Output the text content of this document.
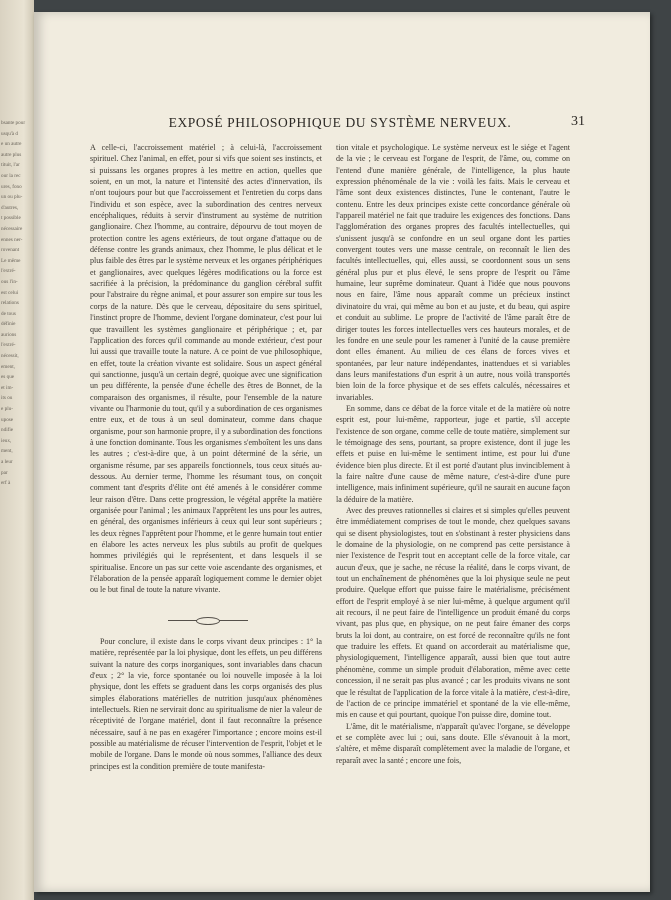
bsante pour
usqu'à d
e un autre
autre plus
tituit, l'ar
our la rec
ures, fono
un ou plu-
d'autres,
t possible
nécessaire
ennes ner-
rovenant
Le même
l'extré-
ous l'in-
est celui
relations
de tous
définie
aurions
l'extré-
nécessit,
ement,
es que
et im-
its ou
e plu-
upose
ndifie
ieux,
ment,
a leur
par
erf à
EXPOSÉ PHILOSOPHIQUE DU SYSTÈME NERVEUX.	31

A celle-ci, l'accroissement matériel ; à celui-là, l'accroissement spirituel. Chez l'animal, en effet, pour si vifs que soient ses instincts, et si puissans les organes propres à les mettre en action, quelles que soient, en un mot, la nature et l'intensité des actes d'innervation, ils n'ont toujours pour but que l'accroissement et l'entretien du corps dans l'individu et son espèce, avec la subordination des centres nerveux encéphaliques, réduits à servir d'instrument au système de nutrition ganglionaire. Chez l'homme, au contraire, dépourvu de tout moyen de protection contre les agens extérieurs, de tout organe d'attaque ou de défense contre les grands animaux, chez l'homme, le plus délicat et le plus faible des êtres par le système nerveux et les organes périphériques et ganglionaires, avec quelques légères modifications ou la force est sacrifiée à la précision, la prédominance du ganglion cérébral suffit pour l'abstraire du règne animal, et pour assurer son empire sur tous les corps de la nature. Dès que le cerveau, dépositaire du sens spirituel, l'instinct propre de l'homme, devient l'organe dominateur, c'est pour lui que travaillent les systèmes ganglionaire et périphérique ; et, par l'application des forces qu'il commande au monde extérieur, c'est pour lui aussi que travaille toute la nature. A ce point de vue philosophique, en effet, toute la création vivante est solidaire. Sous un aspect général qui sanctionne, jusqu'à un certain degré, quoique avec une signification un peu différente, la pensée d'une échelle des êtres de Bonnet, de la comparaison des organismes, il résulte, pour l'ensemble de la nature vivante ou l'harmonie du tout, qu'il y a subordination de ces organismes entre eux, et de tous à un seul dominateur, comme dans chaque organisme, pour son harmonie propre, il y a subordination des fonctions à une fonction dominante. Tous les organismes s'emboîtent les uns dans les autres ; c'est-à-dire que, à un point déterminé de la série, un organisme résume, par ses appareils fonctionnels, tous ceux situés au-dessous. Au dernier terme, l'homme les résumant tous, on conçoit comment tant d'esprits d'élite ont été amenés à le considérer comme leur raison d'être. Dans cette progression, le végétal apprête la matière organisée pour l'animal ; les animaux l'apprêtent les uns pour les autres, en général, des organismes inférieurs à ceux qui leur sont supérieurs ; les deux règnes l'apprêtent pour l'homme, et le genre humain tout entier en élabore les actes nerveux les plus subtils au profit de quelques hommes privilégiés qui le représentent, et dans lesquels il se spiritualise. Encore un pas sur cette voie ascendante des organismes, et l'élaboration de la pensée apparaît logiquement comme le dernier objet ou le but final de toute la nature vivante.

Pour conclure, il existe dans le corps vivant deux principes : 1° la matière, représentée par la loi physique, dont les effets, un peu différens suivant la nature des corps inorganiques, sont invariables dans chacun d'eux ; 2° la vie, force spontanée ou loi nouvelle imposée à la loi physique, dont les effets se graduent dans les corps organisés des plus simples élaborations matérielles de nutrition jusqu'aux phénomènes intellectuels. Rien ne servirait donc au spiritualisme de nier la valeur de réceptivité de l'organe matériel, dont il faut reconnaître la présence nécessaire, sauf à ne pas en exagérer l'importance ; encore moins est-il possible au matérialisme de récuser l'intervention de l'esprit, l'objet et le mobile de l'organe. Dans le monde où nous sommes, l'alliance des deux principes est la condition première de toute manifesta-

tion vitale et psychologique. Le système nerveux est le siége et l'agent de la vie ; le cerveau est l'organe de l'esprit, de l'âme, ou, comme on l'entend d'une manière générale, de l'intelligence, la plus haute expression phénoménale de la vie : voilà les faits. Mais le cerveau et l'âme sont deux existences distinctes, l'une le contenant, l'autre le contenu. Entre les deux principes existe cette concordance générale où l'appareil matériel ne fait que traduire les exigences des fonctions. Dans l'agglomération des organes propres des facultés intellectuelles, qui s'unissent jusqu'à se confondre en un seul organe dont les parties convergent toutes vers une masse centrale, on reconnaît le lien des facultés intellectuelles, qui, elles aussi, se coordonnent sous un sens général plus pur et plus élevé, le sens propre de l'esprit ou l'âme humaine, leur suprême dominateur. Quant à l'idée que nous pouvons nous en faire, l'âme nous apparaît comme un précieux instinct divinatoire du vrai, qui même au bon et au juste, et du beau, qui aspire et conduit au sublime. Le propre de l'activité de l'âme paraît être de diriger toutes les forces intellectuelles vers ces hauteurs morales, et de les fondre en une seule pour les ramener à l'unité de la cause première dont elles émanent. Au milieu de ces élans de forces vives et spontanées, par leur nature indépendantes, inattendues et si variables dans leurs manifestations d'un esprit à un autre, nous voilà transportés bien loin de la force physique et de ses effets calculés, nécessaires et invariables.

En somme, dans ce débat de la force vitale et de la matière où notre esprit est, pour lui-même, rapporteur, juge et partie, s'il accepte l'existence de son organe, comme celle de toute matière, simplement sur le témoignage des sens, pourtant, sa propre existence, dont il juge les effets et puise en lui-même le sentiment intime, est pour lui d'une évidence bien plus directe. Et il est porté d'autant plus invinciblement à la faire naître d'une cause de même nature, c'est-à-dire d'une pure intelligence, mais infiniment supérieure, qu'il ne saurait en aucune façon la déduire de la matière.

Avec des preuves rationnelles si claires et si simples qu'elles peuvent être immédiatement comprises de tout le monde, chez quelques savans qui se disent physiologistes, tout en s'obstinant à rester physiciens dans le domaine de la physiologie, on ne comprend pas cette persistance à nier l'existence de l'esprit tout en acceptant celle de la force vitale, car aucun d'eux, que je sache, ne récuse la réalité, dans le corps vivant, de tout un enchaînement de phénomènes que la loi physique seule ne peut produire. Quelque effort que puisse faire le matérialisme, précisément effort de l'esprit employé à se nier lui-même, à quelque argument qu'il ait recours, il ne peut faire de l'intelligence un produit émané du corps vivant, pas plus que, en physique, on ne peut faire émaner des corps bruts la loi dont, au contraire, on est forcé de reconnaître qu'ils ne font que traduire les effets. Et quand on accorderait au matérialisme que, physiologiquement, l'intelligence apparaît, aussi bien que tout autre phénomène, comme un simple produit d'élaboration, même avec cette concession, il ne serait pas plus avancé ; car les produits vivans ne sont que le résultat de l'application de la force vitale à la matière, c'est-à-dire, de l'action de ce principe immatériel et spontané de la vie elle-même, mis en cause et qui pourtant, quoique l'on puisse dire, domine tout.

L'âme, dit le matérialisme, n'apparaît qu'avec l'organe, se développe et se complète avec lui ; oui, sans doute. Elle s'évanouit à la mort, s'altère, et même disparaît complètement avec la maladie de l'organe, et reparaît avec la santé ; encore une fois,
